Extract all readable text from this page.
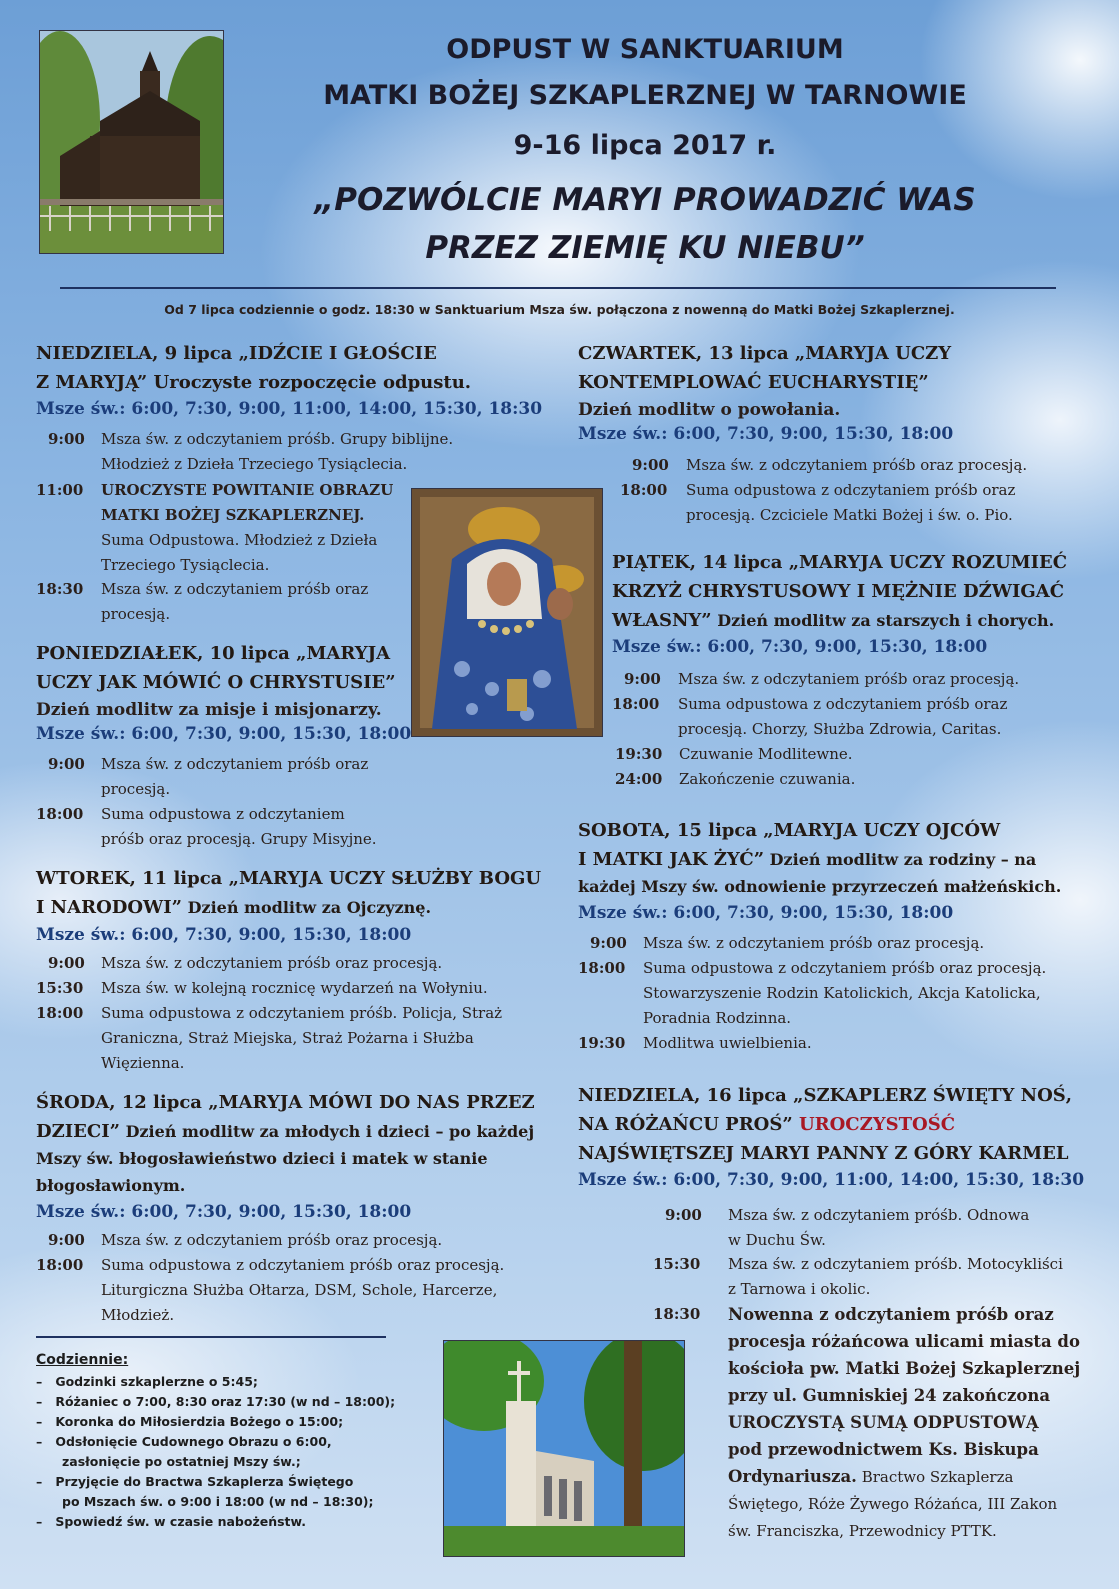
ODPUST W SANKTUARIUM
MATKI BOŻEJ SZKAPLERZNEJ W TARNOWIE
9-16 lipca 2017 r.
„POZWÓLCIE MARYI PROWADZIĆ WAS
PRZEZ ZIEMIĘ KU NIEBU”
Od 7 lipca codziennie o godz. 18:30 w Sanktuarium Msza św. połączona z nowenną do Matki Bożej Szkaplerznej.
NIEDZIELA, 9 lipca „IDŹCIE I GŁOŚCIE
Z MARYJĄ” Uroczyste rozpoczęcie odpustu.
Msze św.: 6:00, 7:30, 9:00, 11:00, 14:00, 15:30, 18:30
9:00 Msza św. z odczytaniem próśb. Grupy biblijne.
Młodzież z Dzieła Trzeciego Tysiąclecia.
11:00 UROCZYSTE POWITANIE OBRAZU
MATKI BOŻEJ SZKAPLERZNEJ.
Suma Odpustowa. Młodzież z Dzieła
Trzeciego Tysiąclecia.
18:30 Msza św. z odczytaniem próśb oraz
procesją.
PONIEDZIAŁEK, 10 lipca „MARYJA
UCZY JAK MÓWIĆ O CHRYSTUSIE”
Dzień modlitw za misje i misjonarzy.
Msze św.: 6:00, 7:30, 9:00, 15:30, 18:00
9:00 Msza św. z odczytaniem próśb oraz
procesją.
18:00 Suma odpustowa z odczytaniem
próśb oraz procesją. Grupy Misyjne.
WTOREK, 11 lipca „MARYJA UCZY SŁUŻBY BOGU
I NARODOWI” Dzień modlitw za Ojczyznę.
Msze św.: 6:00, 7:30, 9:00, 15:30, 18:00
9:00 Msza św. z odczytaniem próśb oraz procesją.
15:30 Msza św. w kolejną rocznicę wydarzeń na Wołyniu.
18:00 Suma odpustowa z odczytaniem próśb. Policja, Straż
Graniczna, Straż Miejska, Straż Pożarna i Służba
Więzienna.
ŚRODA, 12 lipca „MARYJA MÓWI DO NAS PRZEZ
DZIECI” Dzień modlitw za młodych i dzieci – po każdej
Mszy św. błogosławieństwo dzieci i matek w stanie
błogosławionym.
Msze św.: 6:00, 7:30, 9:00, 15:30, 18:00
9:00 Msza św. z odczytaniem próśb oraz procesją.
18:00 Suma odpustowa z odczytaniem próśb oraz procesją.
Liturgiczna Służba Ołtarza, DSM, Schole, Harcerze,
Młodzież.
Codziennie:
–   Godzinki szkaplerzne o 5:45;
–   Różaniec o 7:00, 8:30 oraz 17:30 (w nd – 18:00);
–   Koronka do Miłosierdzia Bożego o 15:00;
–   Odsłonięcie Cudownego Obrazu o 6:00,
zasłonięcie po ostatniej Mszy św.;
–   Przyjęcie do Bractwa Szkaplerza Świętego
po Mszach św. o 9:00 i 18:00 (w nd – 18:30);
–   Spowiedź św. w czasie nabożeństw.
CZWARTEK, 13 lipca „MARYJA UCZY
KONTEMPLOWAĆ EUCHARYSTIĘ”
Dzień modlitw o powołania.
Msze św.: 6:00, 7:30, 9:00, 15:30, 18:00
9:00 Msza św. z odczytaniem próśb oraz procesją.
18:00 Suma odpustowa z odczytaniem próśb oraz
procesją. Czciciele Matki Bożej i św. o. Pio.
PIĄTEK, 14 lipca „MARYJA UCZY ROZUMIEĆ
KRZYŻ CHRYSTUSOWY I MĘŻNIE DŹWIGAĆ
WŁASNY” Dzień modlitw za starszych i chorych.
Msze św.: 6:00, 7:30, 9:00, 15:30, 18:00
9:00 Msza św. z odczytaniem próśb oraz procesją.
18:00 Suma odpustowa z odczytaniem próśb oraz
procesją. Chorzy, Służba Zdrowia, Caritas.
19:30 Czuwanie Modlitewne.
24:00 Zakończenie czuwania.
SOBOTA, 15 lipca „MARYJA UCZY OJCÓW
I MATKI JAK ŻYĆ” Dzień modlitw za rodziny – na
każdej Mszy św. odnowienie przyrzeczeń małżeńskich.
Msze św.: 6:00, 7:30, 9:00, 15:30, 18:00
9:00 Msza św. z odczytaniem próśb oraz procesją.
18:00 Suma odpustowa z odczytaniem próśb oraz procesją.
Stowarzyszenie Rodzin Katolickich, Akcja Katolicka,
Poradnia Rodzinna.
19:30 Modlitwa uwielbienia.
NIEDZIELA, 16 lipca „SZKAPLERZ ŚWIĘTY NOŚ,
NA RÓŻAŃCU PROŚ” UROCZYSTOŚĆ
NAJŚWIĘTSZEJ MARYI PANNY Z GÓRY KARMEL
Msze św.: 6:00, 7:30, 9:00, 11:00, 14:00, 15:30, 18:30
9:00 Msza św. z odczytaniem próśb. Odnowa
w Duchu Św.
15:30 Msza św. z odczytaniem próśb. Motocykliści
z Tarnowa i okolic.
18:30 Nowenna z odczytaniem próśb oraz
procesja różańcowa ulicami miasta do
kościoła pw. Matki Bożej Szkaplerznej
przy ul. Gumniskiej 24 zakończona
UROCZYSTĄ SUMĄ ODPUSTOWĄ
pod przewodnictwem Ks. Biskupa
Ordynariusza. Bractwo Szkaplerza
Świętego, Róże Żywego Różańca, III Zakon
św. Franciszka, Przewodnicy PTTK.
